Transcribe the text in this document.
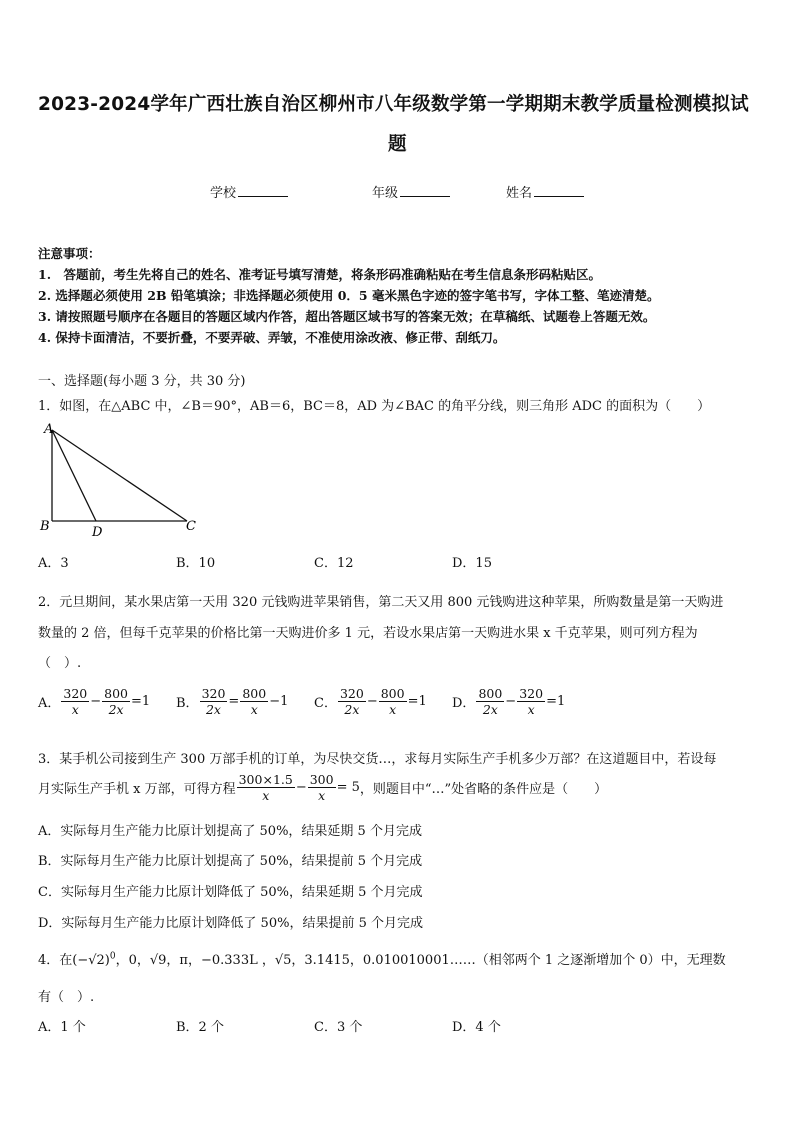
2023-2024学年广西壮族自治区柳州市八年级数学第一学期期末教学质量检测模拟试
题
学校	年级	姓名
注意事项：
1.　答题前，考生先将自己的姓名、准考证号填写清楚，将条形码准确粘贴在考生信息条形码粘贴区。
2. 选择题必须使用 2B 铅笔填涂；非选择题必须使用 0．5 毫米黑色字迹的签字笔书写，字体工整、笔迹清楚。
3. 请按照题号顺序在各题目的答题区域内作答，超出答题区域书写的答案无效；在草稿纸、试题卷上答题无效。
4. 保持卡面清洁，不要折叠，不要弄破、弄皱，不准使用涂改液、修正带、刮纸刀。
一、选择题(每小题 3 分，共 30 分)
1．如图，在△ABC 中，∠B＝90°，AB＝6，BC＝8，AD 为∠BAC 的角平分线，则三角形 ADC 的面积为（　　）
A
B	C
D
A．3	B．10	C．12	D．15
2．元旦期间，某水果店第一天用 320 元钱购进苹果销售，第二天又用 800 元钱购进这种苹果，所购数量是第一天购进
数量的 2 倍，但每千克苹果的价格比第一天购进价多 1 元，若设水果店第一天购进水果 x 千克苹果，则可列方程为
（　）.
A． $\frac{320}{x} - \frac{800}{2x} =1$ B． $\frac{320}{2x} = \frac{800}{x} -1$ C． $\frac{320}{2x} - \frac{800}{x} =1$ D． $\frac{800}{2x} - \frac{320}{x} =1$
3．某手机公司接到生产 300 万部手机的订单，为尽快交货…，求每月实际生产手机多少万部？在这道题目中，若设每
月实际生产手机 x 万部，可得方程 $\frac{300\times 1.5}{x} - \frac{300}{x} = 5$ ，则题目中“…”处省略的条件应是（　　）
A．实际每月生产能力比原计划提高了 50%，结果延期 5 个月完成
B．实际每月生产能力比原计划提高了 50%，结果提前 5 个月完成
C．实际每月生产能力比原计划降低了 50%，结果延期 5 个月完成
D．实际每月生产能力比原计划降低了 50%，结果提前 5 个月完成
4．在$(-√2)^0$，0，√9，π，−0.333L ，√5，3.1415，0.010010001……（相邻两个 1 之逐渐增加个 0）中，无理数
有（　）.
A．1 个	B．2 个	C．3 个	D．4 个
